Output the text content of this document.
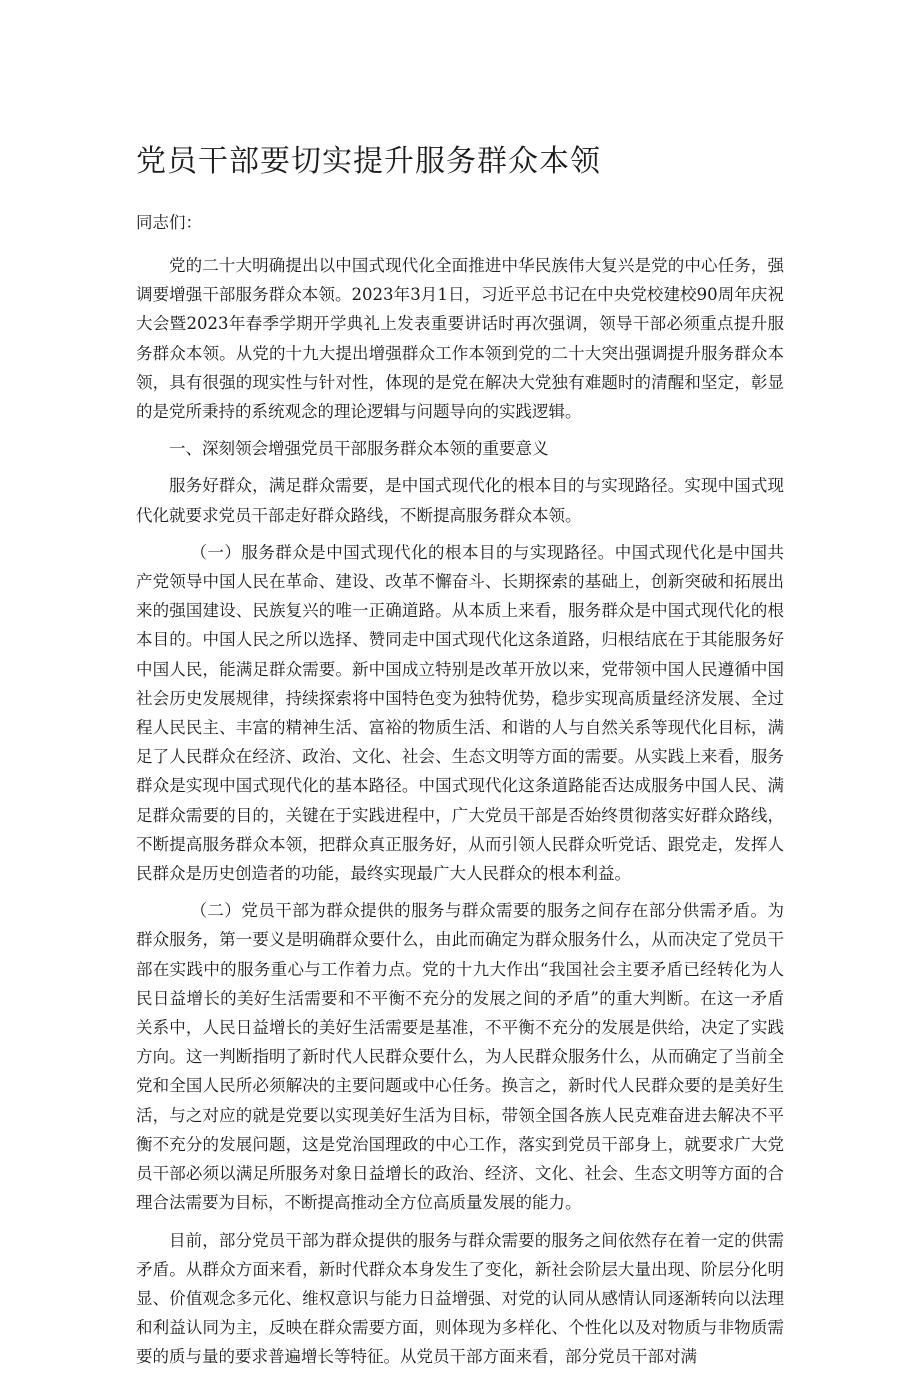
党员干部要切实提升服务群众本领

同志们：

党的二十大明确提出以中国式现代化全面推进中华民族伟大复兴是党的中心任务，强调要增强干部服务群众本领。2023年3月1日，习近平总书记在中央党校建校90周年庆祝大会暨2023年春季学期开学典礼上发表重要讲话时再次强调，领导干部必须重点提升服务群众本领。从党的十九大提出增强群众工作本领到党的二十大突出强调提升服务群众本领，具有很强的现实性与针对性，体现的是党在解决大党独有难题时的清醒和坚定，彰显的是党所秉持的系统观念的理论逻辑与问题导向的实践逻辑。

一、深刻领会增强党员干部服务群众本领的重要意义

服务好群众，满足群众需要，是中国式现代化的根本目的与实现路径。实现中国式现代化就要求党员干部走好群众路线，不断提高服务群众本领。

（一）服务群众是中国式现代化的根本目的与实现路径。中国式现代化是中国共产党领导中国人民在革命、建设、改革不懈奋斗、长期探索的基础上，创新突破和拓展出来的强国建设、民族复兴的唯一正确道路。从本质上来看，服务群众是中国式现代化的根本目的。中国人民之所以选择、赞同走中国式现代化这条道路，归根结底在于其能服务好中国人民，能满足群众需要。新中国成立特别是改革开放以来，党带领中国人民遵循中国社会历史发展规律，持续探索将中国特色变为独特优势，稳步实现高质量经济发展、全过程人民民主、丰富的精神生活、富裕的物质生活、和谐的人与自然关系等现代化目标，满足了人民群众在经济、政治、文化、社会、生态文明等方面的需要。从实践上来看，服务群众是实现中国式现代化的基本路径。中国式现代化这条道路能否达成服务中国人民、满足群众需要的目的，关键在于实践进程中，广大党员干部是否始终贯彻落实好群众路线，不断提高服务群众本领，把群众真正服务好，从而引领人民群众听党话、跟党走，发挥人民群众是历史创造者的功能，最终实现最广大人民群众的根本利益。

（二）党员干部为群众提供的服务与群众需要的服务之间存在部分供需矛盾。为群众服务，第一要义是明确群众要什么，由此而确定为群众服务什么，从而决定了党员干部在实践中的服务重心与工作着力点。党的十九大作出“我国社会主要矛盾已经转化为人民日益增长的美好生活需要和不平衡不充分的发展之间的矛盾”的重大判断。在这一矛盾关系中，人民日益增长的美好生活需要是基准，不平衡不充分的发展是供给，决定了实践方向。这一判断指明了新时代人民群众要什么，为人民群众服务什么，从而确定了当前全党和全国人民所必须解决的主要问题或中心任务。换言之，新时代人民群众要的是美好生活，与之对应的就是党要以实现美好生活为目标，带领全国各族人民克难奋进去解决不平衡不充分的发展问题，这是党治国理政的中心工作，落实到党员干部身上，就要求广大党员干部必须以满足所服务对象日益增长的政治、经济、文化、社会、生态文明等方面的合理合法需要为目标，不断提高推动全方位高质量发展的能力。

目前，部分党员干部为群众提供的服务与群众需要的服务之间依然存在着一定的供需矛盾。从群众方面来看，新时代群众本身发生了变化，新社会阶层大量出现、阶层分化明显、价值观念多元化、维权意识与能力日益增强、对党的认同从感情认同逐渐转向以法理和利益认同为主，反映在群众需要方面，则体现为多样化、个性化以及对物质与非物质需要的质与量的要求普遍增长等特征。从党员干部方面来看，部分党员干部对满
